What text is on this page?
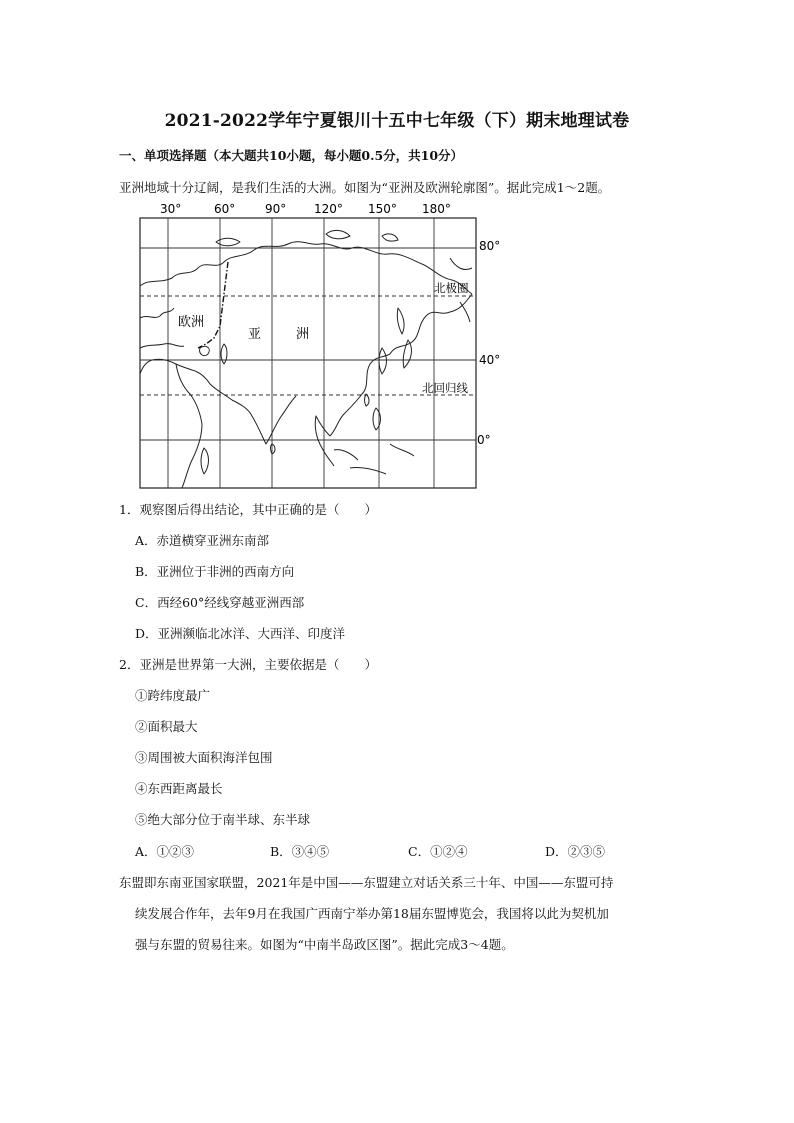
2021-2022学年宁夏银川十五中七年级（下）期末地理试卷
一、单项选择题（本大题共10小题，每小题0.5分，共10分）
亚洲地域十分辽阔，是我们生活的大洲。如图为“亚洲及欧洲轮廓图”。据此完成1～2题。
30°	60° 90° 120° 150° 180°
80°
40°
0°
北极圈
北回归线
欧洲
亚	洲
1．观察图后得出结论，其中正确的是（　　）
A．赤道横穿亚洲东南部
B．亚洲位于非洲的西南方向
C．西经60°经线穿越亚洲西部
D．亚洲濒临北冰洋、大西洋、印度洋
2．亚洲是世界第一大洲，主要依据是（　　）
①跨纬度最广
②面积最大
③周围被大面积海洋包围
④东西距离最长
⑤绝大部分位于南半球、东半球
A．①②③	B．③④⑤	C．①②④	D．②③⑤
东盟即东南亚国家联盟，2021年是中国——东盟建立对话关系三十年、中国——东盟可持
续发展合作年，去年9月在我国广西南宁举办第18届东盟博览会，我国将以此为契机加
强与东盟的贸易往来。如图为“中南半岛政区图”。据此完成3～4题。
